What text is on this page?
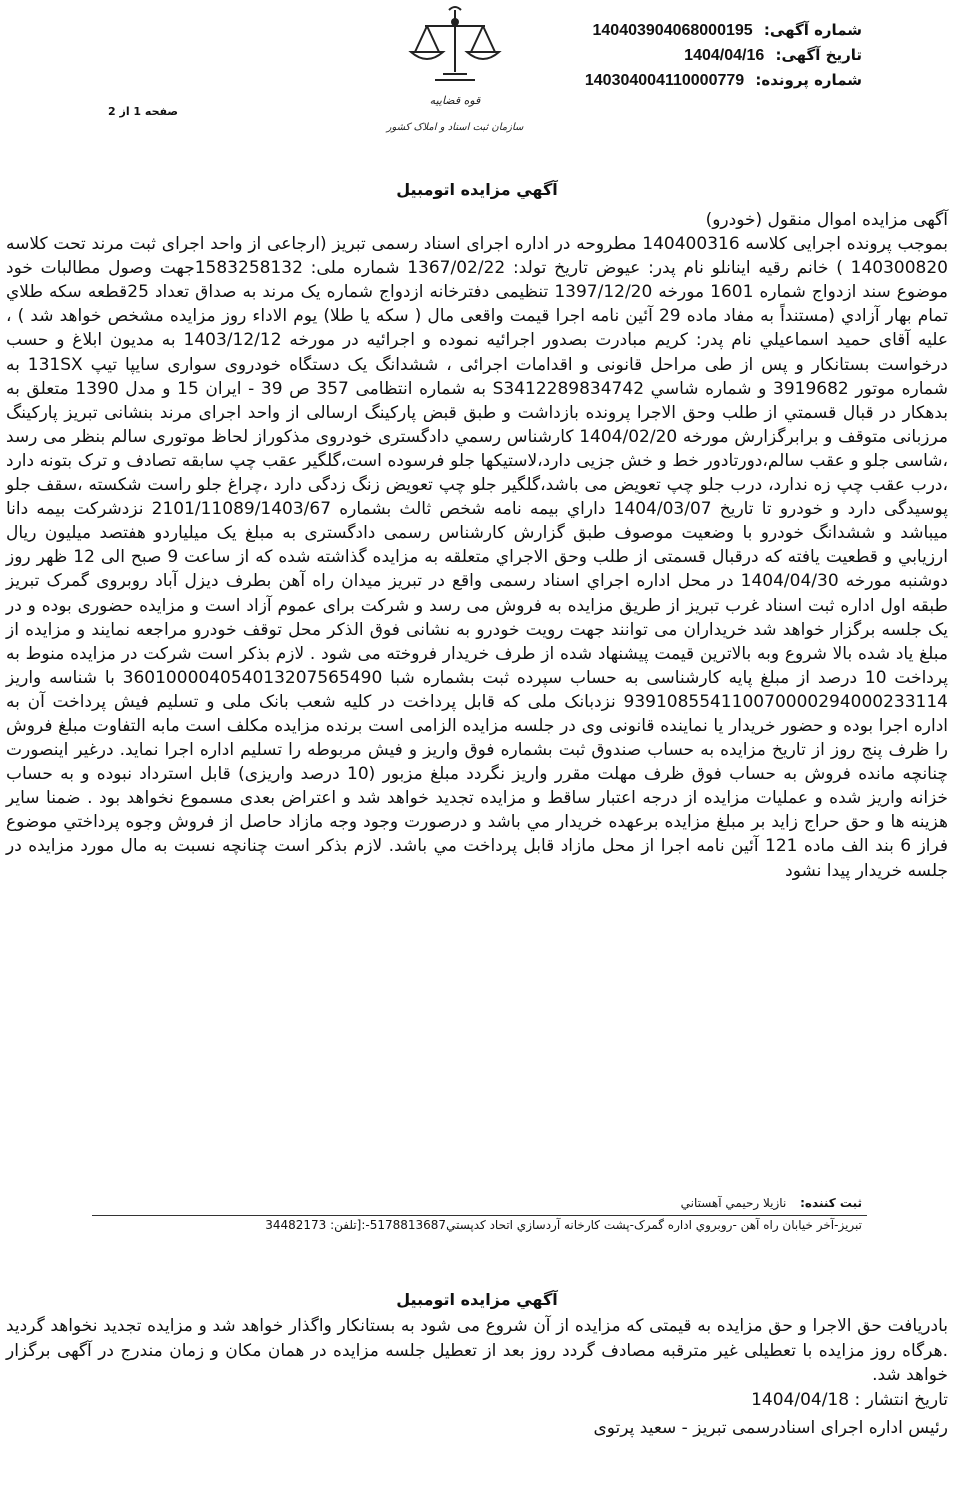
شماره آگهی: 140403904068000195
تاریخ آگهی: 1404/04/16
شماره پرونده: 140304004110000779
قوه قضاییه
سازمان ثبت اسناد و املاک کشور
صفحه 1 از 2
آگهي مزايده اتومبيل

آگهی مزایده اموال منقول (خودرو)

بموجب پرونده اجرایی کلاسه 140400316 مطروحه در اداره اجرای اسناد رسمی تبریز (ارجاعی از واحد اجرای ثبت مرند تحت کلاسه 140300820 ) خانم رقیه اینانلو نام پدر: عیوض تاریخ تولد: 1367/02/22 شماره ملی: 1583258132جهت وصول مطالبات خود موضوع سند ازدواج شماره 1601 مورخه 1397/12/20 تنظیمی دفترخانه ازدواج شماره یک مرند به صداق تعداد 25قطعه سکه طلاي تمام بهار آزادي (مستنداً به مفاد ماده 29 آئین نامه اجرا قیمت واقعی مال ( سکه یا طلا) یوم الاداء روز مزایده مشخص خواهد شد ) ، علیه آقای حمید اسماعیلي نام پدر: کریم مبادرت بصدور اجرائیه نموده و اجرائیه در مورخه 1403/12/12 به مدیون ابلاغ و حسب درخواست بستانکار و پس از طی مراحل قانونی و اقدامات اجرائی ، ششدانگ یک دستگاه خودروی سواری سایپا تیپ 131SX به شماره موتور 3919682 و شماره شاسي S3412289834742 به شماره انتظامی 357 ص 39 - ایران 15 و مدل 1390 متعلق به بدهکار در قبال قسمتي از طلب وحق الاجرا پرونده بازداشت و طبق قبض پارکینگ ارسالی از واحد اجرای مرند بنشانی تبریز پارکینگ مرزبانی متوقف و برابرگزارش مورخه 1404/02/20 کارشناس رسمي دادگستری خودروی مذکوراز لحاظ موتوری سالم بنظر می رسد ،شاسی جلو و عقب سالم،دورتادور خط و خش جزیی دارد،لاستیکها جلو فرسوده است،گلگیر عقب چپ سابقه تصادف و ترک بتونه دارد ،درب عقب چپ زه ندارد، درب جلو چپ تعویض می باشد،گلگیر جلو چپ تعویض زنگ زدگی دارد ،چراغ جلو راست شکسته ،سقف جلو پوسیدگی دارد و خودرو تا تاریخ 1404/03/07 داراي بیمه نامه شخص ثالث بشماره 2101/11089/1403/67 نزدشرکت بیمه دانا میباشد و ششدانگ خودرو با وضعیت موصوف طبق گزارش کارشناس رسمی دادگستری به مبلغ یک میلیاردو هفتصد میلیون ریال ارزیابي و قطعیت یافته که درقبال قسمتی از طلب وحق الاجراي متعلقه به مزایده گذاشته شده که از ساعت 9 صبح الی 12 ظهر روز دوشنبه مورخه 1404/04/30 در محل اداره اجراي اسناد رسمی واقع در تبریز میدان راه آهن بطرف دیزل آباد روبروی گمرک تبریز طبقه اول اداره ثبت اسناد غرب تبریز از طریق مزایده به فروش می رسد و شرکت برای عموم آزاد است و مزایده حضوری بوده و در یک جلسه برگزار خواهد شد خریداران می توانند جهت رویت خودرو به نشانی فوق الذکر محل توقف خودرو مراجعه نمایند و مزایده از مبلغ یاد شده بالا شروع وبه بالاترین قیمت پیشنهاد شده از طرف خریدار فروخته می شود . لازم بذکر است شرکت در مزایده منوط به پرداخت 10 درصد از مبلغ پایه کارشناسی به حساب سپرده ثبت بشماره شبا 360100004054013207565490 با شناسه واریز 939108554110070000294000233114 نزدبانک ملی که قابل پرداخت در کلیه شعب بانک ملی و تسلیم فیش پرداخت آن به اداره اجرا بوده و حضور خریدار یا نماینده قانونی وی در جلسه مزایده الزامی است برنده مزایده مکلف است مابه التفاوت مبلغ فروش را ظرف پنج روز از تاریخ مزایده به حساب صندوق ثبت بشماره فوق واریز و فیش مربوطه را تسلیم اداره اجرا نماید. درغیر اینصورت چنانچه مانده فروش به حساب فوق ظرف مهلت مقرر واریز نگردد مبلغ مزبور (10 درصد واریزی) قابل استرداد نبوده و به حساب خزانه واریز شده و عملیات مزایده از درجه اعتبار ساقط و مزایده تجدید خواهد شد و اعتراض بعدی مسموع نخواهد بود . ضمنا سایر هزینه ها و حق حراج زاید بر مبلغ مزایده برعهده خریدار مي باشد و درصورت وجود وجه مازاد حاصل از فروش وجوه پرداختي موضوع فراز 6 بند الف ماده 121 آئین نامه اجرا از محل مازاد قابل پرداخت مي باشد. لازم بذکر است چنانچه نسبت به مال مورد مزایده در جلسه خریدار پیدا نشود

ثبت کننده: نازیلا رحیمي آهستاني
تبریز-آخر خیابان راه آهن -روبروي اداره گمرک-پشت کارخانه آردسازي اتحاد کدپستي5178813687-:[تلفن: 34482173
آگهي مزايده اتومبيل

بادریافت حق الاجرا و حق مزایده به قیمتی که مزایده از آن شروع می شود به بستانکار واگذار خواهد شد و مزایده تجدید نخواهد گردید .هرگاه روز مزایده با تعطیلی غیر مترقبه مصادف گردد روز بعد از تعطیل جلسه مزایده در همان مکان و زمان مندرج در آگهی برگزار خواهد شد.

تاریخ انتشار : 1404/04/18
رئیس اداره اجرای اسنادرسمی تبریز - سعید پرتوی
